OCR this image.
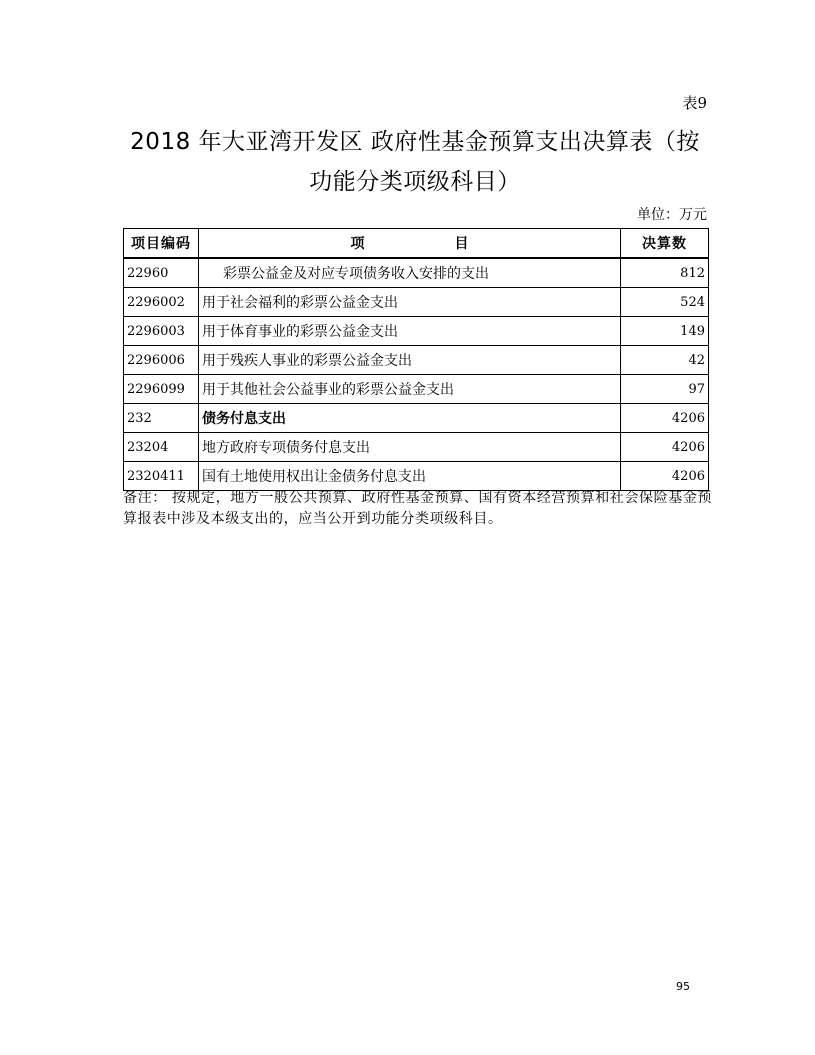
表9
2018 年大亚湾开发区 政府性基金预算支出决算表（按
功能分类项级科目）
单位：万元
项目编码	项 目	决算数
22960	彩票公益金及对应专项债务收入安排的支出	812
2296002	用于社会福利的彩票公益金支出	524
2296003	用于体育事业的彩票公益金支出	149
2296006	用于残疾人事业的彩票公益金支出	42
2296099	用于其他社会公益事业的彩票公益金支出	97
232	债务付息支出	4206
23204	地方政府专项债务付息支出	4206
2320411	国有土地使用权出让金债务付息支出	4206
备注： 按规定，地方一般公共预算、政府性基金预算、国有资本经营预算和社会保险基金预算报表中涉及本级支出的，应当公开到功能分类项级科目。
95
